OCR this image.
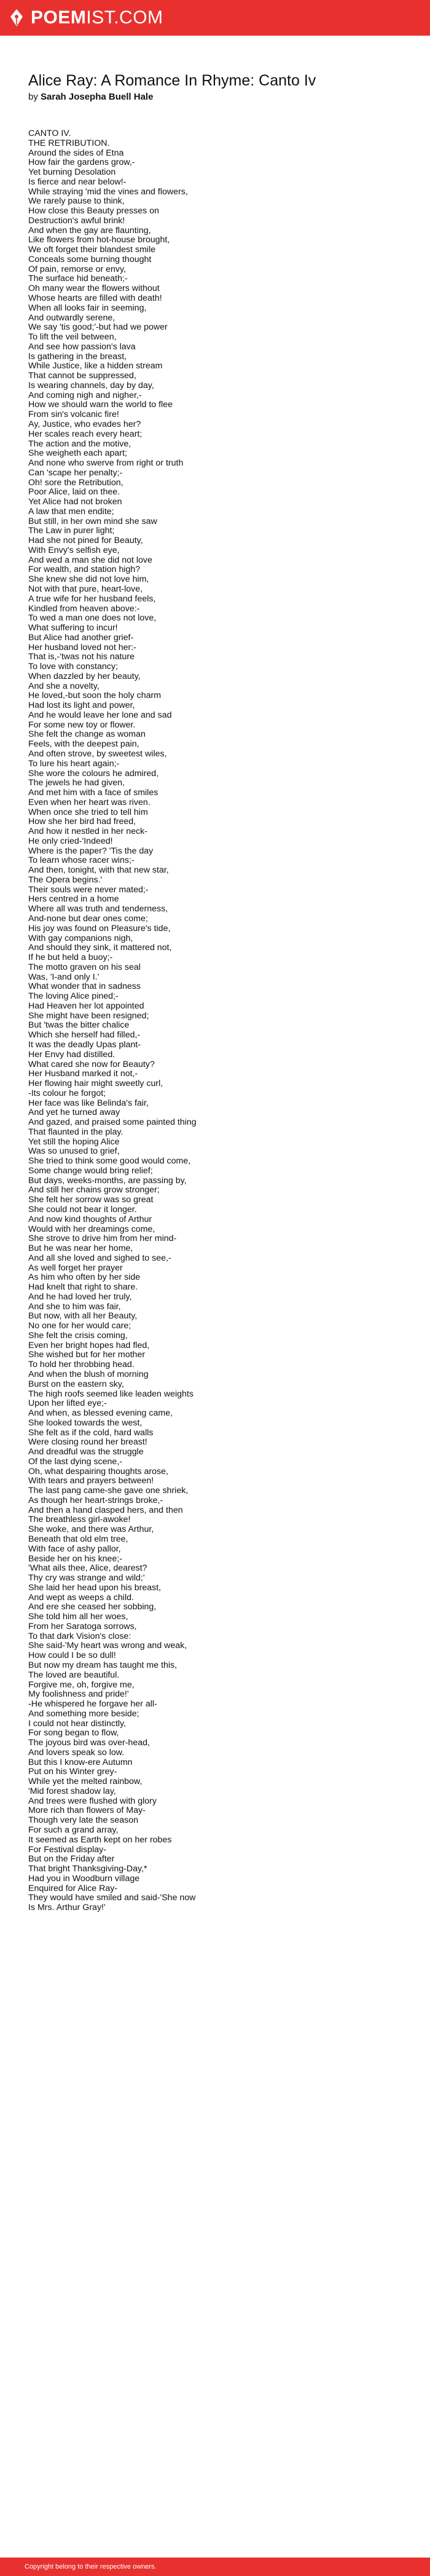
POEMIST.COM
Alice Ray: A Romance In Rhyme: Canto Iv
by Sarah Josepha Buell Hale
CANTO IV.
THE RETRIBUTION.
Around the sides of Etna
How fair the gardens grow,-
Yet burning Desolation
Is fierce and near below!-
While straying 'mid the vines and flowers,
We rarely pause to think,
How close this Beauty presses on
Destruction's awful brink!
And when the gay are flaunting,
Like flowers from hot-house brought,
We oft forget their blandest smile
Conceals some burning thought
Of pain, remorse or envy,
The surface hid beneath;-
Oh many wear the flowers without
Whose hearts are filled with death!
When all looks fair in seeming,
And outwardly serene,
We say 'tis good;'-but had we power
To lift the veil between,
And see how passion's lava
Is gathering in the breast,
While Justice, like a hidden stream
That cannot be suppressed,
Is wearing channels, day by day,
And coming nigh and nigher,-
How we should warn the world to flee
From sin's volcanic fire!
Ay, Justice, who evades her?
Her scales reach every heart;
The action and the motive,
She weigheth each apart;
And none who swerve from right or truth
Can 'scape her penalty;-
Oh! sore the Retribution,
Poor Alice, laid on thee.
Yet Alice had not broken
A law that men endite;
But still, in her own mind she saw
The Law in purer light;
Had she not pined for Beauty,
With Envy's selfish eye,
And wed a man she did not love
For wealth, and station high?
She knew she did not love him,
Not with that pure, heart-love,
A true wife for her husband feels,
Kindled from heaven above:-
To wed a man one does not love,
What suffering to incur!
But Alice had another grief-
Her husband loved not her:-
That is,-'twas not his nature
To love with constancy;
When dazzled by her beauty,
And she a novelty,
He loved,-but soon the holy charm
Had lost its light and power,
And he would leave her lone and sad
For some new toy or flower.
She felt the change as woman
Feels, with the deepest pain,
And often strove, by sweetest wiles,
To lure his heart again;-
She wore the colours he admired,
The jewels he had given,
And met him with a face of smiles
Even when her heart was riven.
When once she tried to tell him
How she her bird had freed,
And how it nestled in her neck-
He only cried-'Indeed!
Where is the paper? 'Tis the day
To learn whose racer wins;-
And then, tonight, with that new star,
The Opera begins.'
Their souls were never mated;-
Hers centred in a home
Where all was truth and tenderness,
And-none but dear ones come;
His joy was found on Pleasure's tide,
With gay companions nigh,
And should they sink, it mattered not,
If he but held a buoy;-
The motto graven on his seal
Was, 'I-and only I.'
What wonder that in sadness
The loving Alice pined;-
Had Heaven her lot appointed
She might have been resigned;
But 'twas the bitter chalice
Which she herself had filled,-
It was the deadly Upas plant-
Her Envy had distilled.
What cared she now for Beauty?
Her Husband marked it not,-
Her flowing hair might sweetly curl,
-Its colour he forgot;
Her face was like Belinda's fair,
And yet he turned away
And gazed, and praised some painted thing
That flaunted in the play.
Yet still the hoping Alice
Was so unused to grief,
She tried to think some good would come,
Some change would bring relief;
But days, weeks-months, are passing by,
And still her chains grow stronger;
She felt her sorrow was so great
She could not bear it longer.
And now kind thoughts of Arthur
Would with her dreamings come,
She strove to drive him from her mind-
But he was near her home,
And all she loved and sighed to see,-
As well forget her prayer
As him who often by her side
Had knelt that right to share.
And he had loved her truly,
And she to him was fair,
But now, with all her Beauty,
No one for her would care;
She felt the crisis coming,
Even her bright hopes had fled,
She wished but for her mother
To hold her throbbing head.
And when the blush of morning
Burst on the eastern sky,
The high roofs seemed like leaden weights
Upon her lifted eye;-
And when, as blessed evening came,
She looked towards the west,
She felt as if the cold, hard walls
Were closing round her breast!
And dreadful was the struggle
Of the last dying scene,-
Oh, what despairing thoughts arose,
With tears and prayers between!
The last pang came-she gave one shriek,
As though her heart-strings broke,-
And then a hand clasped hers, and then
The breathless girl-awoke!
She woke, and there was Arthur,
Beneath that old elm tree,
With face of ashy pallor,
Beside her on his knee;-
'What ails thee, Alice, dearest?
Thy cry was strange and wild;'
She laid her head upon his breast,
And wept as weeps a child.
And ere she ceased her sobbing,
She told him all her woes,
From her Saratoga sorrows,
To that dark Vision's close:
She said-'My heart was wrong and weak,
How could I be so dull!
But now my dream has taught me this,
The loved are beautiful.
Forgive me, oh, forgive me,
My foolishness and pride!'
-He whispered he forgave her all-
And something more beside;
I could not hear distinctly,
For song began to flow,
The joyous bird was over-head,
And lovers speak so low.
But this I know-ere Autumn
Put on his Winter grey-
While yet the melted rainbow,
'Mid forest shadow lay,
And trees were flushed with glory
More rich than flowers of May-
Though very late the season
For such a grand array,
It seemed as Earth kept on her robes
For Festival display-
But on the Friday after
That bright Thanksgiving-Day,*
Had you in Woodburn village
Enquired for Alice Ray-
They would have smiled and said-'She now
Is Mrs. Arthur Gray!'
Copyright belong to their respective owners.
